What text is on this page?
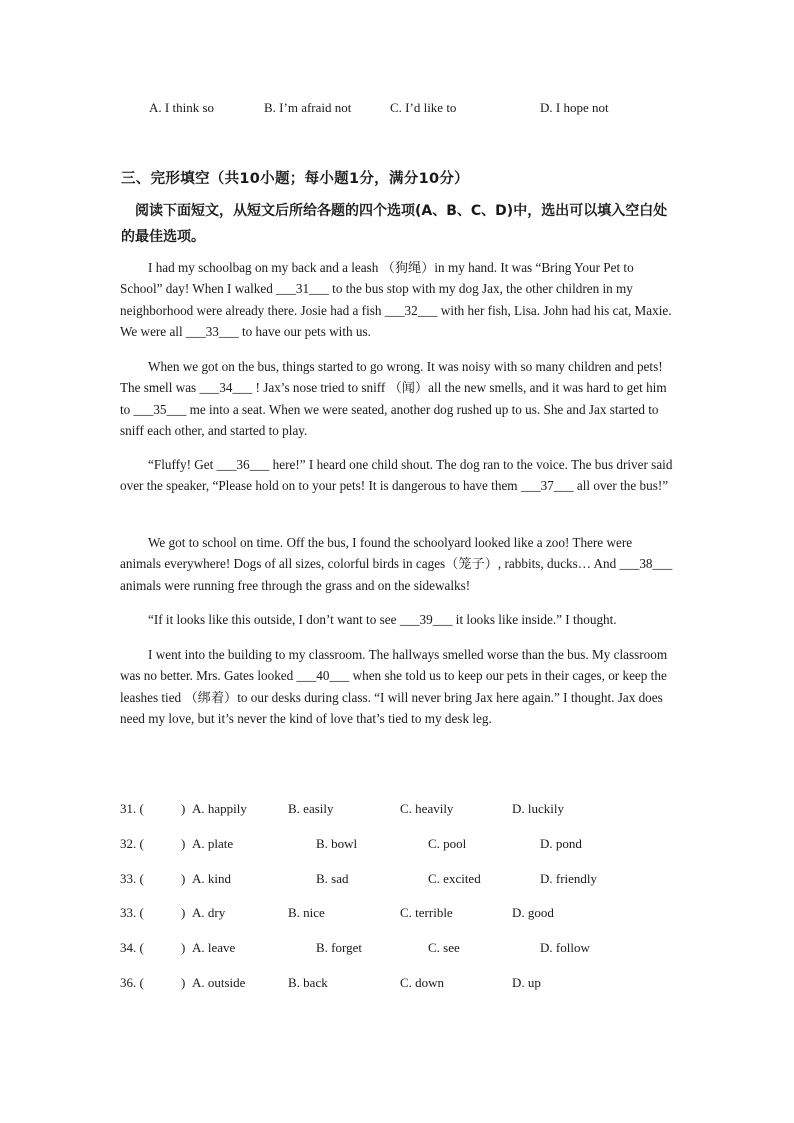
A. I think so	B. I’m afraid not	C. I’d like to	D. I hope not
三、完形填空（共10小题；每小题1分，满分10分）
阅读下面短文，从短文后所给各题的四个选项(A、B、C、D)中，选出可以填入空白处的最佳选项。

I had my schoolbag on my back and a leash （狗绳）in my hand. It was “Bring Your Pet to School” day! When I walked ___31___ to the bus stop with my dog Jax, the other children in my neighborhood were already there. Josie had a fish ___32___ with her fish, Lisa. John had his cat, Maxie. We were all ___33___ to have our pets with us.

When we got on the bus, things started to go wrong. It was noisy with so many children and pets! The smell was ___34___ ! Jax’s nose tried to sniff （闻）all the new smells, and it was hard to get him to ___35___ me into a seat. When we were seated, another dog rushed up to us. She and Jax started to sniff each other, and started to play.

“Fluffy! Get ___36___ here!” I heard one child shout. The dog ran to the voice. The bus driver said over the speaker, “Please hold on to your pets! It is dangerous to have them ___37___ all over the bus!”

We got to school on time. Off the bus, I found the schoolyard looked like a zoo! There were animals everywhere! Dogs of all sizes, colorful birds in cages（笼子）, rabbits, ducks… And ___38___ animals were running free through the grass and on the sidewalks!

“If it looks like this outside, I don’t want to see ___39___ it looks like inside.” I thought.

I went into the building to my classroom. The hallways smelled worse than the bus. My classroom was no better. Mrs. Gates looked ___40___ when she told us to keep our pets in their cages, or keep the leashes tied （绑着）to our desks during class. “I will never bring Jax here again.” I thought. Jax does need my love, but it’s never the kind of love that’s tied to my desk leg.

31. (	) A. happily	B. easily	C. heavily	D. luckily
32. (	) A. plate	B. bowl	C. pool	D. pond
33. (	) A. kind	B. sad	C. excited	D. friendly
33. (	) A. dry	B. nice	C. terrible	D. good
34. (	) A. leave	B. forget	C. see	D. follow
36. (	) A. outside	B. back	C. down	D. up
